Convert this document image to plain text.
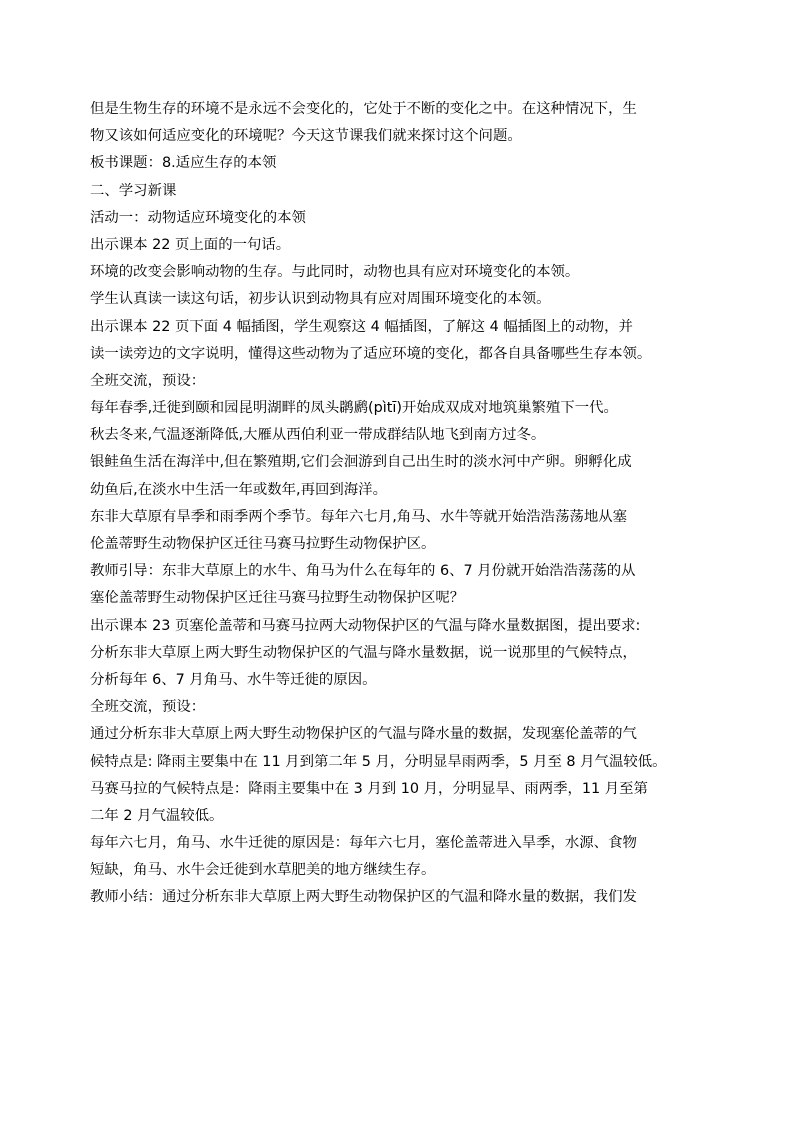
但是生物生存的环境不是永远不会变化的，它处于不断的变化之中。在这种情况下，生
物又该如何适应变化的环境呢？今天这节课我们就来探讨这个问题。
板书课题：8.适应生存的本领
二、学习新课
活动一：动物适应环境变化的本领
出示课本 22 页上面的一句话。
环境的改变会影响动物的生存。与此同时，动物也具有应对环境变化的本领。
学生认真读一读这句话，初步认识到动物具有应对周围环境变化的本领。
出示课本 22 页下面 4 幅插图，学生观察这 4 幅插图，了解这 4 幅插图上的动物，并
读一读旁边的文字说明，懂得这些动物为了适应环境的变化，都各自具备哪些生存本领。
全班交流，预设：
每年春季,迁徙到颐和园昆明湖畔的凤头䴙䴘(pìtī)开始成双成对地筑巢繁殖下一代。
秋去冬来,气温逐渐降低,大雁从西伯利亚一带成群结队地飞到南方过冬。
银鲑鱼生活在海洋中,但在繁殖期,它们会洄游到自己出生时的淡水河中产卵。卵孵化成
幼鱼后,在淡水中生活一年或数年,再回到海洋。
东非大草原有旱季和雨季两个季节。每年六七月,角马、水牛等就开始浩浩荡荡地从塞
伦盖蒂野生动物保护区迁往马赛马拉野生动物保护区。
教师引导：东非大草原上的水牛、角马为什么在每年的 6、7 月份就开始浩浩荡荡的从
塞伦盖蒂野生动物保护区迁往马赛马拉野生动物保护区呢？
出示课本 23 页塞伦盖蒂和马赛马拉两大动物保护区的气温与降水量数据图，提出要求:
分析东非大草原上两大野生动物保护区的气温与降水量数据，说一说那里的气候特点，
分析每年 6、7 月角马、水牛等迁徙的原因。
全班交流，预设：
通过分析东非大草原上两大野生动物保护区的气温与降水量的数据，发现塞伦盖蒂的气
候特点是: 降雨主要集中在 11 月到第二年 5 月，分明显旱雨两季，5 月至 8 月气温较低。
马赛马拉的气候特点是：降雨主要集中在 3 月到 10 月，分明显旱、雨两季，11 月至第
二年 2 月气温较低。
每年六七月，角马、水牛迁徙的原因是：每年六七月，塞伦盖蒂进入旱季，水源、食物
短缺，角马、水牛会迁徙到水草肥美的地方继续生存。
教师小结：通过分析东非大草原上两大野生动物保护区的气温和降水量的数据，我们发
